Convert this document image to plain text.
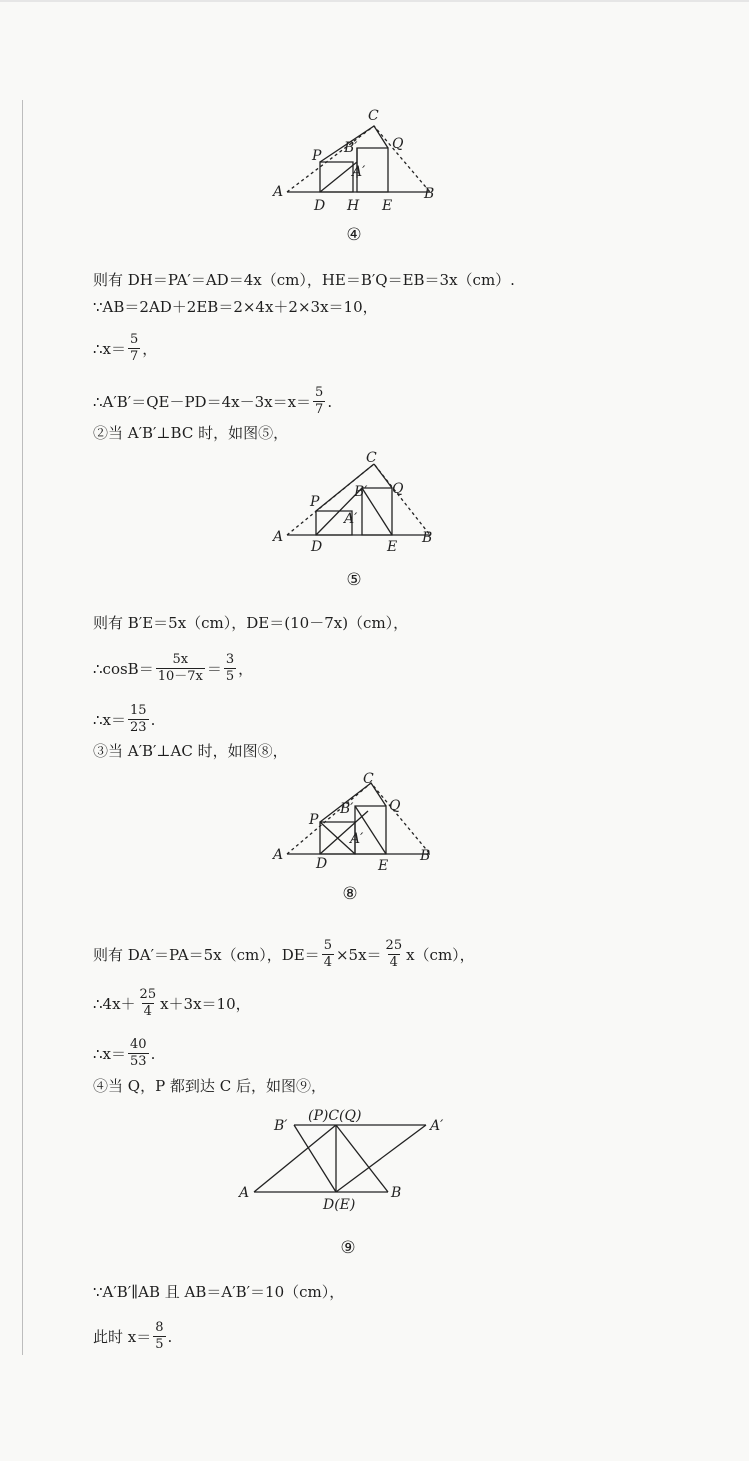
A	B
C
D	E
H
P
Q
B′
A′
④
则有 DH＝PA′＝AD＝4x（cm），HE＝B′Q＝EB＝3x（cm）.
∵AB＝2AD＋2EB＝2×4x＋2×3x＝10，
∴x＝ $\frac{5}{7}$ ，
∴A′B′＝QE－PD＝4x－3x＝x＝ $\frac{5}{7}$ .
②当 A′B′⊥BC 时，如图⑤，
A	B
C
D	E
P
Q
B′
A′
⑤
则有 B′E＝5x（cm），DE＝(10－7x)（cm），
∴cosB＝ $\frac{5x}{10-7x} = \frac{3}{5}$ ，
∴x＝ $\frac{15}{23}$ .
③当 A′B′⊥AC 时，如图⑧，
A	B
C
D	E
P
Q
B′
A′
⑧
则有 DA′＝PA＝5x（cm），$DE= \frac{5}{4} \times 5x= \frac{25}{4} x(cm)$，
∴4x＋ $\frac{25}{4} x+3x=10$，
∴x＝ $\frac{40}{53}$ .
④当 Q，P 都到达 C 后，如图⑨，
B′	A′
(P)C(Q)
A	B
D(E)
⑨
∵A′B′∥AB 且 AB＝A′B′＝10（cm），
此时 $x= \frac{8}{5}$ .
